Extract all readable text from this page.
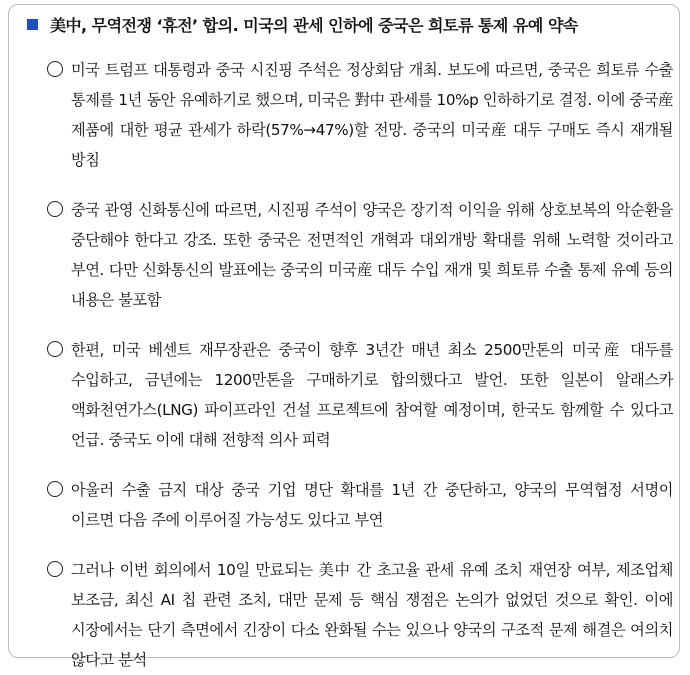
美中, 무역전쟁 ‘휴전’ 합의. 미국의 관세 인하에 중국은 희토류 통제 유예 약속
미국 트럼프 대통령과 중국 시진핑 주석은 정상회담 개최. 보도에 따르면, 중국은 희토류 수출 통제를 1년 동안 유예하기로 했으며, 미국은 對中 관세를 10%p 인하하기로 결정. 이에 중국産 제품에 대한 평균 관세가 하락(57%→47%)할 전망. 중국의 미국産 대두 구매도 즉시 재개될 방침
중국 관영 신화통신에 따르면, 시진핑 주석이 양국은 장기적 이익을 위해 상호보복의 악순환을 중단해야 한다고 강조. 또한 중국은 전면적인 개혁과 대외개방 확대를 위해 노력할 것이라고 부연. 다만 신화통신의 발표에는 중국의 미국産 대두 수입 재개 및 희토류 수출 통제 유예 등의 내용은 불포함
한편, 미국 베센트 재무장관은 중국이 향후 3년간 매년 최소 2500만톤의 미국産 대두를 수입하고, 금년에는 1200만톤을 구매하기로 합의했다고 발언. 또한 일본이 알래스카 액화천연가스(LNG) 파이프라인 건설 프로젝트에 참여할 예정이며, 한국도 함께할 수 있다고 언급. 중국도 이에 대해 전향적 의사 피력
아울러 수출 금지 대상 중국 기업 명단 확대를 1년 간 중단하고, 양국의 무역협정 서명이 이르면 다음 주에 이루어질 가능성도 있다고 부연
그러나 이번 회의에서 10일 만료되는 美中 간 초고율 관세 유예 조치 재연장 여부, 제조업체 보조금, 최신 AI 칩 관련 조치, 대만 문제 등 핵심 쟁점은 논의가 없었던 것으로 확인. 이에 시장에서는 단기 측면에서 긴장이 다소 완화될 수는 있으나 양국의 구조적 문제 해결은 여의치 않다고 분석
